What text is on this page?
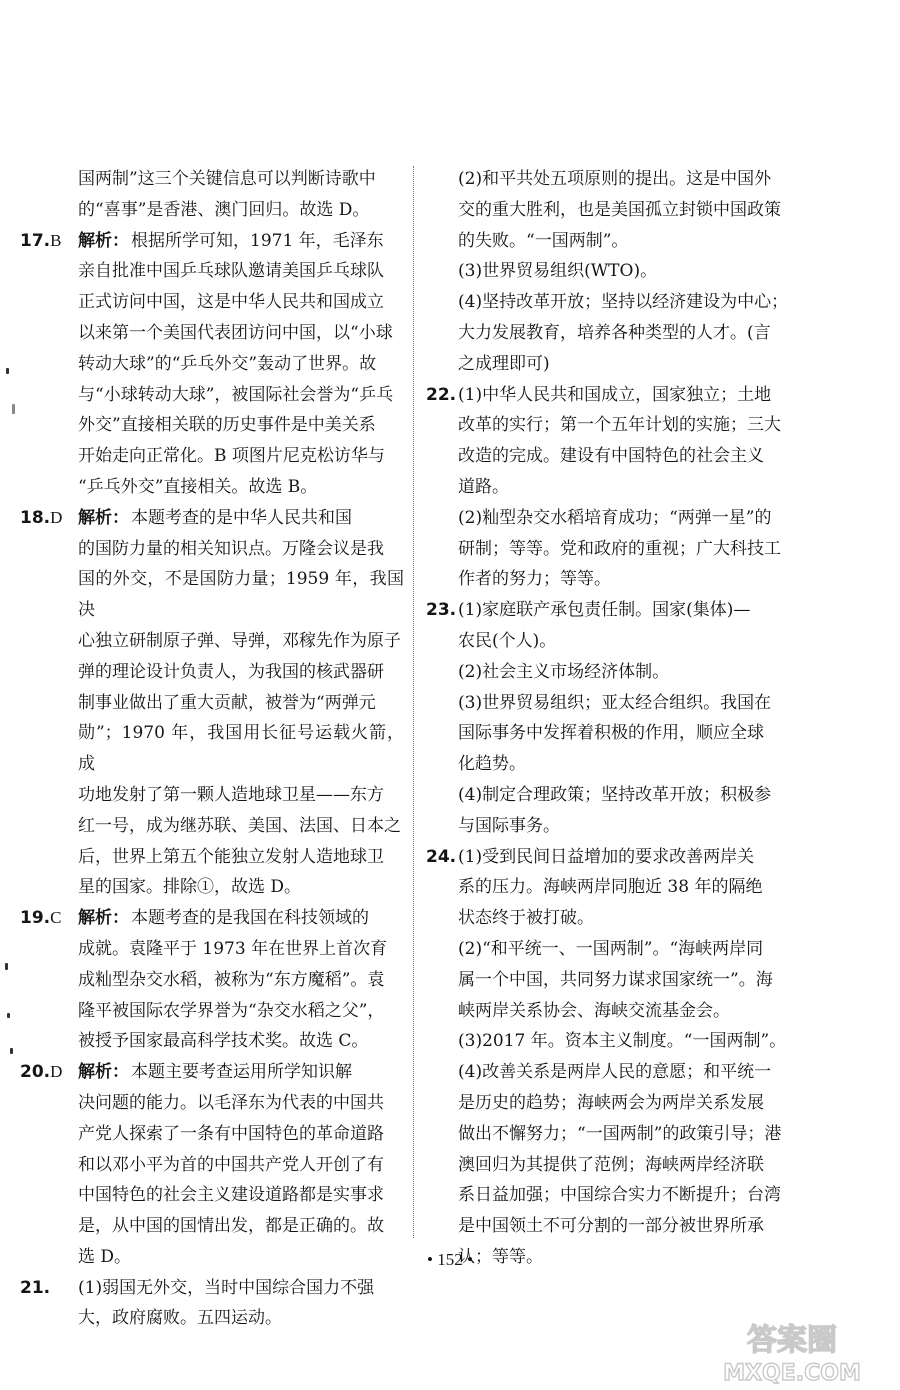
国两制”这三个关键信息可以判断诗歌中
的“喜事”是香港、澳门回归。故选 D。
17.B 解析： 根据所学可知，1971 年，毛泽东
亲自批准中国乒乓球队邀请美国乒乓球队
正式访问中国，这是中华人民共和国成立
以来第一个美国代表团访问中国，以“小球
转动大球”的“乒乓外交”轰动了世界。故
与“小球转动大球”，被国际社会誉为“乒乓
外交”直接相关联的历史事件是中美关系
开始走向正常化。B 项图片尼克松访华与
“乒乓外交”直接相关。故选 B。
18.D 解析： 本题考查的是中华人民共和国
的国防力量的相关知识点。万隆会议是我
国的外交，不是国防力量；1959 年，我国决
心独立研制原子弹、导弹，邓稼先作为原子
弹的理论设计负责人，为我国的核武器研
制事业做出了重大贡献，被誉为“两弹元
勋”；1970 年，我国用长征号运载火箭，成
功地发射了第一颗人造地球卫星——东方
红一号，成为继苏联、美国、法国、日本之
后，世界上第五个能独立发射人造地球卫
星的国家。排除①，故选 D。
19.C 解析： 本题考查的是我国在科技领域的
成就。袁隆平于 1973 年在世界上首次育
成籼型杂交水稻，被称为“东方魔稻”。袁
隆平被国际农学界誉为“杂交水稻之父”，
被授予国家最高科学技术奖。故选 C。
20.D 解析： 本题主要考查运用所学知识解
决问题的能力。以毛泽东为代表的中国共
产党人探索了一条有中国特色的革命道路
和以邓小平为首的中国共产党人开创了有
中国特色的社会主义建设道路都是实事求
是，从中国的国情出发，都是正确的。故
选 D。
21. (1)弱国无外交，当时中国综合国力不强
大，政府腐败。五四运动。
(2)和平共处五项原则的提出。这是中国外
交的重大胜利，也是美国孤立封锁中国政策
的失败。“一国两制”。
(3)世界贸易组织(WTO)。
(4)坚持改革开放；坚持以经济建设为中心；
大力发展教育，培养各种类型的人才。(言
之成理即可)
22. (1)中华人民共和国成立，国家独立；土地
改革的实行；第一个五年计划的实施；三大
改造的完成。建设有中国特色的社会主义
道路。
(2)籼型杂交水稻培育成功；“两弹一星”的
研制；等等。党和政府的重视；广大科技工
作者的努力；等等。
23. (1)家庭联产承包责任制。国家(集体)—
农民(个人)。
(2)社会主义市场经济体制。
(3)世界贸易组织；亚太经合组织。我国在
国际事务中发挥着积极的作用，顺应全球
化趋势。
(4)制定合理政策；坚持改革开放；积极参
与国际事务。
24. (1)受到民间日益增加的要求改善两岸关
系的压力。海峡两岸同胞近 38 年的隔绝
状态终于被打破。
(2)“和平统一、一国两制”。“海峡两岸同
属一个中国，共同努力谋求国家统一”。海
峡两岸关系协会、海峡交流基金会。
(3)2017 年。资本主义制度。“一国两制”。
(4)改善关系是两岸人民的意愿；和平统一
是历史的趋势；海峡两会为两岸关系发展
做出不懈努力；“一国两制”的政策引导；港
澳回归为其提供了范例；海峡两岸经济联
系日益加强；中国综合实力不断提升；台湾
是中国领土不可分割的一部分被世界所承
认；等等。
• 152 •
答案圈
MXQE.COM
